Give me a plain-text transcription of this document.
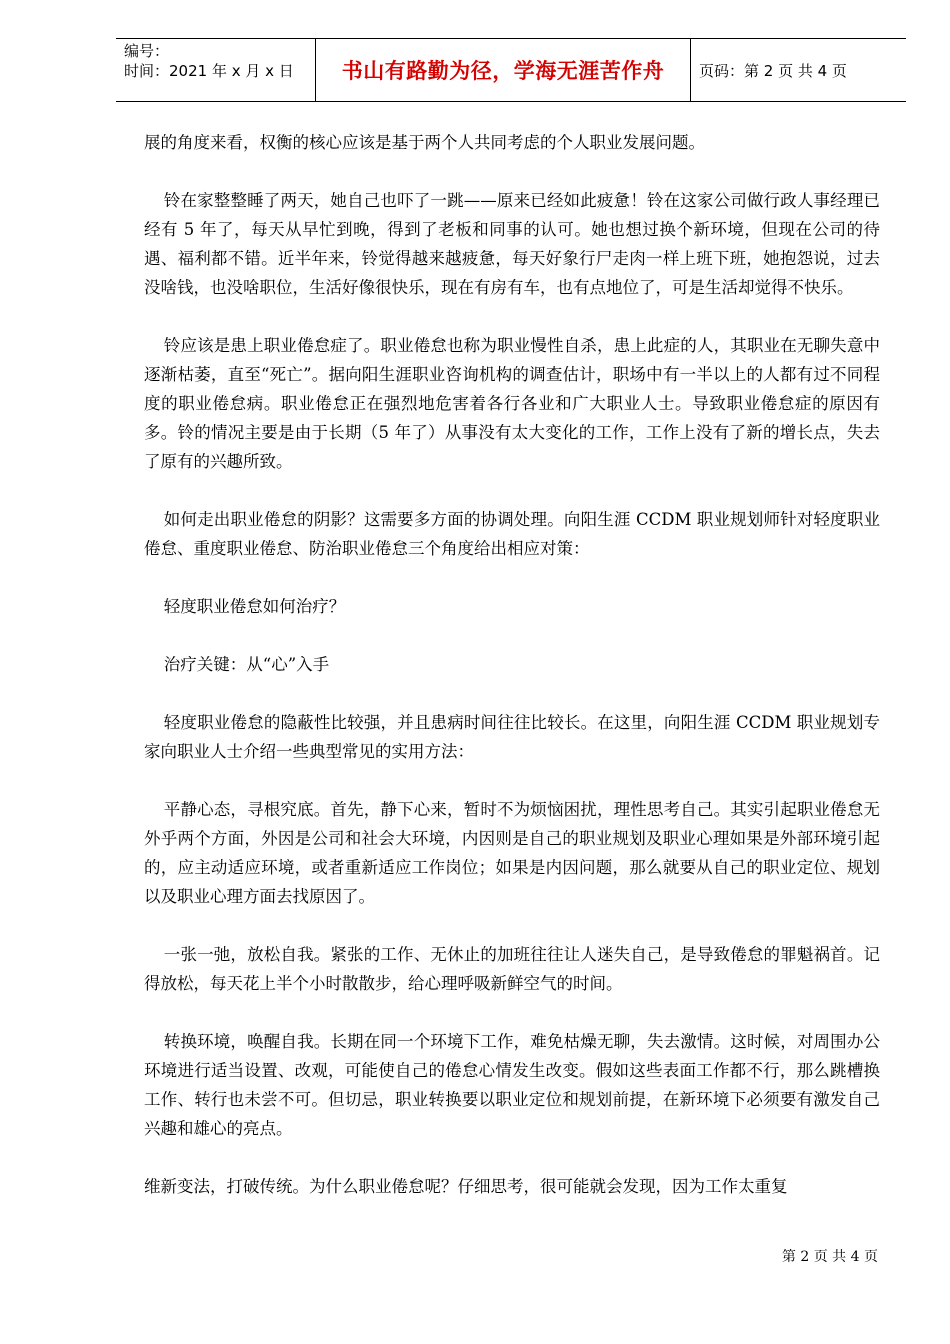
编号：
时间：2021 年 x 月 x 日	书山有路勤为径，学海无涯苦作舟	页码：第 2 页 共 4 页

展的角度来看，权衡的核心应该是基于两个人共同考虑的个人职业发展问题。

铃在家整整睡了两天，她自己也吓了一跳——原来已经如此疲惫！铃在这家公司做行政人事经理已经有 5 年了，每天从早忙到晚，得到了老板和同事的认可。她也想过换个新环境，但现在公司的待遇、福利都不错。近半年来，铃觉得越来越疲惫，每天好象行尸走肉一样上班下班，她抱怨说，过去没啥钱，也没啥职位，生活好像很快乐，现在有房有车，也有点地位了，可是生活却觉得不快乐。

铃应该是患上职业倦怠症了。职业倦怠也称为职业慢性自杀，患上此症的人，其职业在无聊失意中逐渐枯萎，直至“死亡”。据向阳生涯职业咨询机构的调查估计，职场中有一半以上的人都有过不同程度的职业倦怠病。职业倦怠正在强烈地危害着各行各业和广大职业人士。导致职业倦怠症的原因有多。铃的情况主要是由于长期（5 年了）从事没有太大变化的工作，工作上没有了新的增长点，失去了原有的兴趣所致。

如何走出职业倦怠的阴影？这需要多方面的协调处理。向阳生涯 CCDM 职业规划师针对轻度职业倦怠、重度职业倦怠、防治职业倦怠三个角度给出相应对策：

轻度职业倦怠如何治疗？

治疗关键：从“心”入手

轻度职业倦怠的隐蔽性比较强，并且患病时间往往比较长。在这里，向阳生涯 CCDM 职业规划专家向职业人士介绍一些典型常见的实用方法：

平静心态，寻根究底。首先，静下心来，暂时不为烦恼困扰，理性思考自己。其实引起职业倦怠无外乎两个方面，外因是公司和社会大环境，内因则是自己的职业规划及职业心理如果是外部环境引起的，应主动适应环境，或者重新适应工作岗位；如果是内因问题，那么就要从自己的职业定位、规划以及职业心理方面去找原因了。

一张一弛，放松自我。紧张的工作、无休止的加班往往让人迷失自己，是导致倦怠的罪魁祸首。记得放松，每天花上半个小时散散步，给心理呼吸新鲜空气的时间。

转换环境，唤醒自我。长期在同一个环境下工作，难免枯燥无聊，失去激情。这时候，对周围办公环境进行适当设置、改观，可能使自己的倦怠心情发生改变。假如这些表面工作都不行，那么跳槽换工作、转行也未尝不可。但切忌，职业转换要以职业定位和规划前提，在新环境下必须要有激发自己兴趣和雄心的亮点。

维新变法，打破传统。为什么职业倦怠呢？仔细思考，很可能就会发现，因为工作太重复

第 2 页 共 4 页
